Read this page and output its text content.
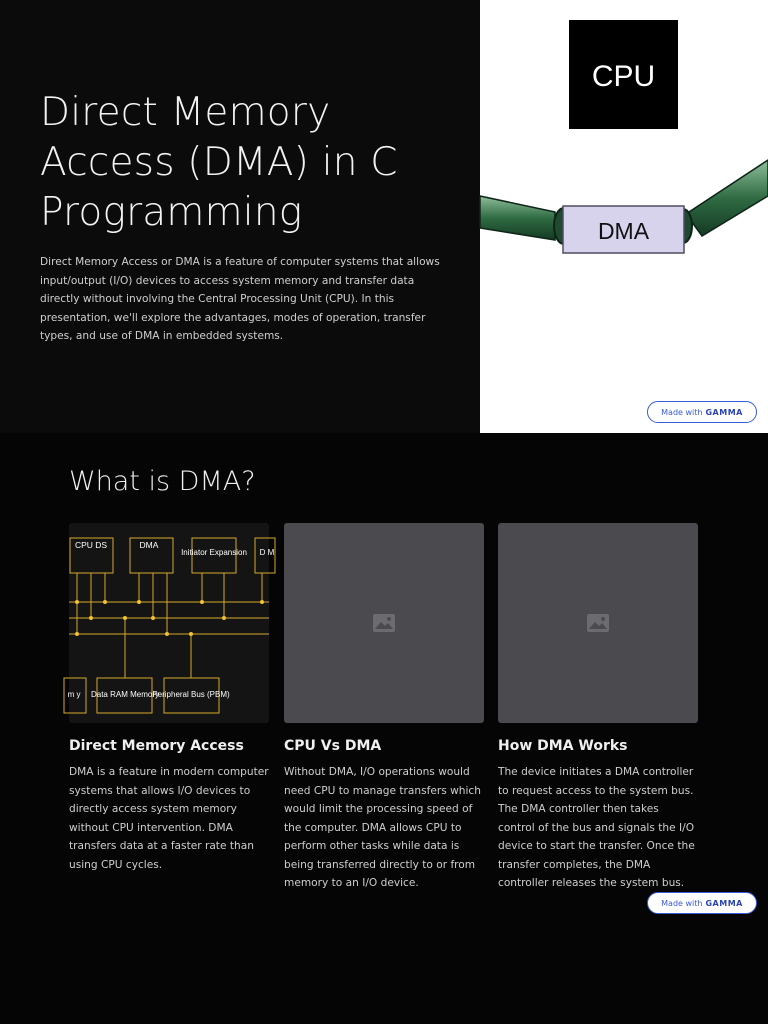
Direct Memory Access (DMA) in C Programming

Direct Memory Access or DMA is a feature of computer systems that allows input/output (I/O) devices to access system memory and transfer data directly without involving the Central Processing Unit (CPU). In this presentation, we'll explore the advantages, modes of operation, transfer types, and use of DMA in embedded systems.

CPU
DMA
Made with GAMMA
What is DMA?
CPU DS	DMA
Initiator Expansion D M
m y Data RAM Memory
Peripheral Bus (PBM)
Direct Memory Access

DMA is a feature in modern computer systems that allows I/O devices to directly access system memory without CPU intervention. DMA transfers data at a faster rate than using CPU cycles.

CPU Vs DMA

Without DMA, I/O operations would need CPU to manage transfers which would limit the processing speed of the computer. DMA allows CPU to perform other tasks while data is being transferred directly to or from memory to an I/O device.

How DMA Works

The device initiates a DMA controller to request access to the system bus. The DMA controller then takes control of the bus and signals the I/O device to start the transfer. Once the transfer completes, the DMA controller releases the system bus.

Made with GAMMA
